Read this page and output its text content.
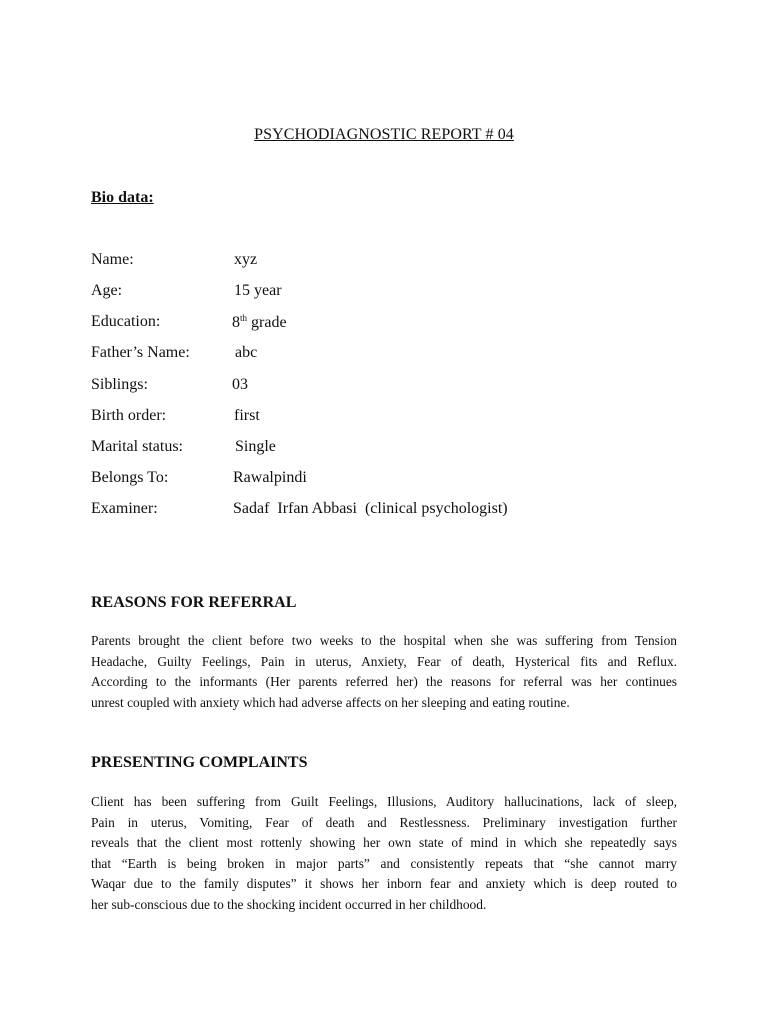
PSYCHODIAGNOSTIC REPORT # 04
Bio data:
Name:	xyz
Age:	15 year
Education:	8th grade
Father’s Name:	abc
Siblings:	03
Birth order:	first
Marital status:	Single
Belongs To:	Rawalpindi
Examiner:	Sadaf  Irfan Abbasi  (clinical psychologist)
REASONS FOR REFERRAL
Parents brought the client before two weeks to the hospital when she was suffering from Tension
Headache, Guilty Feelings, Pain in uterus, Anxiety, Fear of death, Hysterical fits and Reflux.
According to the informants (Her parents referred her) the reasons for referral was her continues
unrest coupled with anxiety which had adverse affects on her sleeping and eating routine.
PRESENTING COMPLAINTS
Client has been suffering from Guilt Feelings, Illusions, Auditory hallucinations, lack of sleep,
Pain in uterus, Vomiting, Fear of death and Restlessness. Preliminary investigation further
reveals that the client most rottenly showing her own state of mind in which she repeatedly says
that “Earth is being broken in major parts” and consistently repeats that “she cannot marry
Waqar due to the family disputes” it shows her inborn fear and anxiety which is deep routed to
her sub-conscious due to the shocking incident occurred in her childhood.
